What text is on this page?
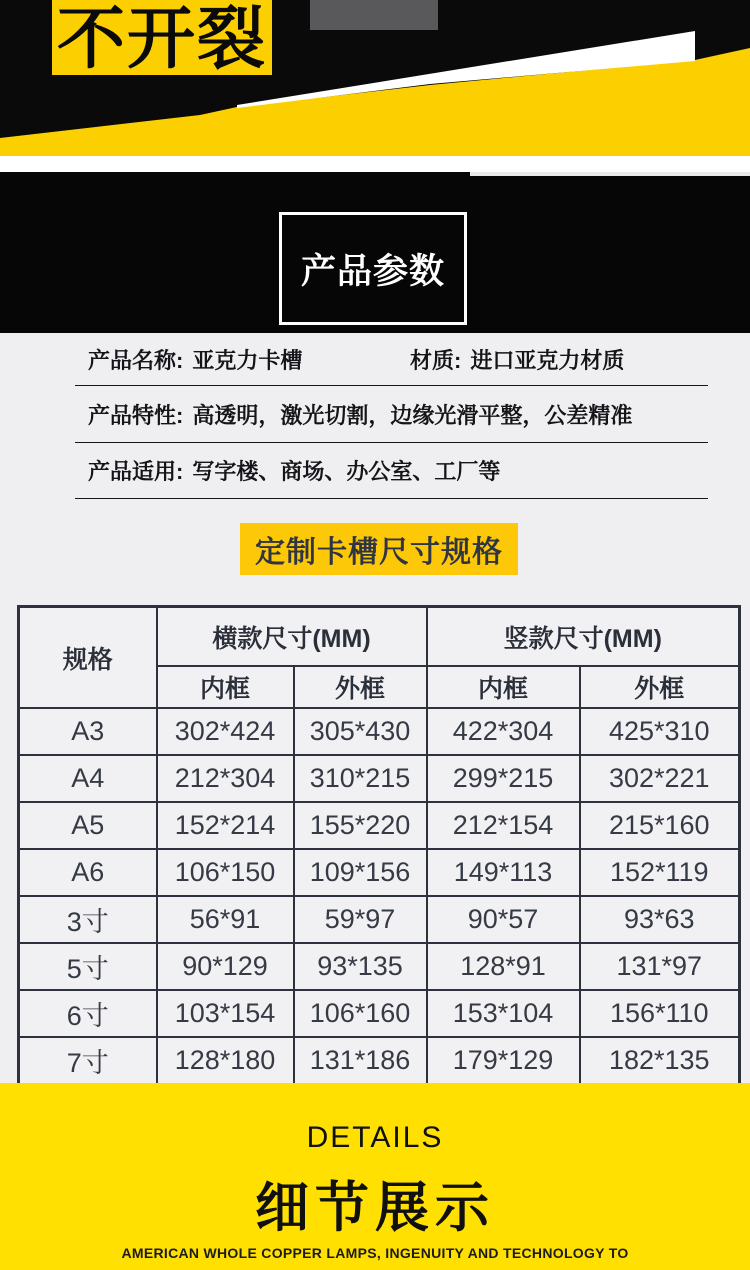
不开裂
产品参数
产品名称: 亚克力卡槽	材质: 进口亚克力材质
产品特性: 高透明，激光切割，边缘光滑平整，公差精准
产品适用: 写字楼、商场、办公室、工厂等
定制卡槽尺寸规格
规格	横款尺寸(MM)		竖款尺寸(MM)	
	内框	外框	内框	外框
A3	302*424	305*430	422*304	425*310
A4	212*304	310*215	299*215	302*221
A5	152*214	155*220	212*154	215*160
A6	106*150	109*156	149*113	152*119
3寸	56*91	59*97	90*57	93*63
5寸	90*129	93*135	128*91	131*97
6寸	103*154	106*160	153*104	156*110
7寸	128*180	131*186	179*129	182*135
DETAILS
细节展示
AMERICAN WHOLE COPPER LAMPS, INGENUITY AND TECHNOLOGY TO
